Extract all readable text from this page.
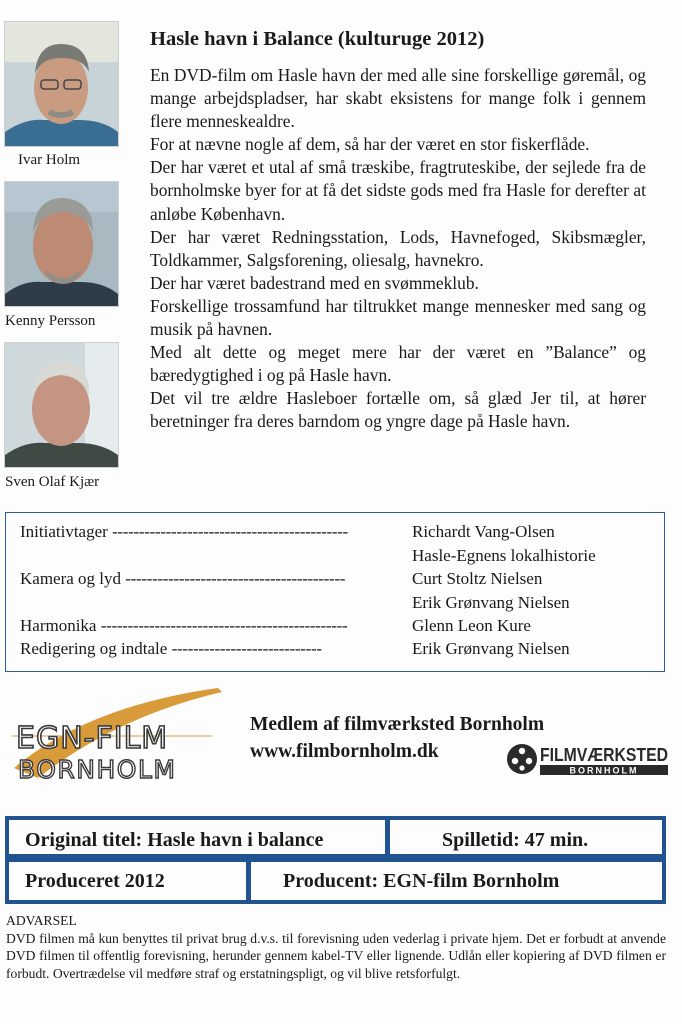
Ivar Holm
Kenny Persson
Sven Olaf Kjær
Hasle havn i Balance (kulturuge 2012)

En DVD-film om Hasle havn der med alle sine forskellige gøremål, og mange arbejdspladser, har skabt eksistens for mange folk i gennem flere menneskealdre.

For at nævne nogle af dem, så har der været en stor fiskerflåde.

Der har været et utal af små træskibe, fragtruteskibe, der sejlede fra de bornholmske byer for at få det sidste gods med fra Hasle for derefter at anløbe København.

Der har været Redningsstation, Lods, Havnefoged, Skibsmægler, Toldkammer, Salgsforening, oliesalg, havnekro.

Der har været badestrand med en svømmeklub.

Forskellige trossamfund har tiltrukket mange mennesker med sang og musik på havnen.

Med alt dette og meget mere har der været en ”Balance” og bæredygtighed i og på Hasle havn.

Det vil tre ældre Hasleboer fortælle om, så glæd Jer til, at hører beretninger fra deres barndom og yngre dage på Hasle havn.

Initiativtager --------------------------------------------	Richardt Vang-Olsen
Hasle-Egnens lokalhistorie
Kamera og lyd -----------------------------------------	Curt Stoltz Nielsen
Erik Grønvang Nielsen
Harmonika ----------------------------------------------	Glenn Leon Kure
Redigering og indtale ----------------------------	Erik Grønvang Nielsen
EGN-FILM
BORNHOLM
Medlem af filmværksted Bornholm
www.filmbornholm.dk	FILMVÆRKSTED
BORNHOLM
Original titel: Hasle havn i balance	Spilletid: 47 min.
Produceret 2012	Producent: EGN-film Bornholm
ADVARSEL

DVD filmen må kun benyttes til privat brug d.v.s. til forevisning uden vederlag i private hjem. Det er forbudt at anvende DVD filmen til offentlig forevisning, herunder gennem kabel-TV eller lignende. Udlån eller kopiering af DVD filmen er forbudt. Overtrædelse vil medføre straf og erstatningspligt, og vil blive retsforfulgt.
